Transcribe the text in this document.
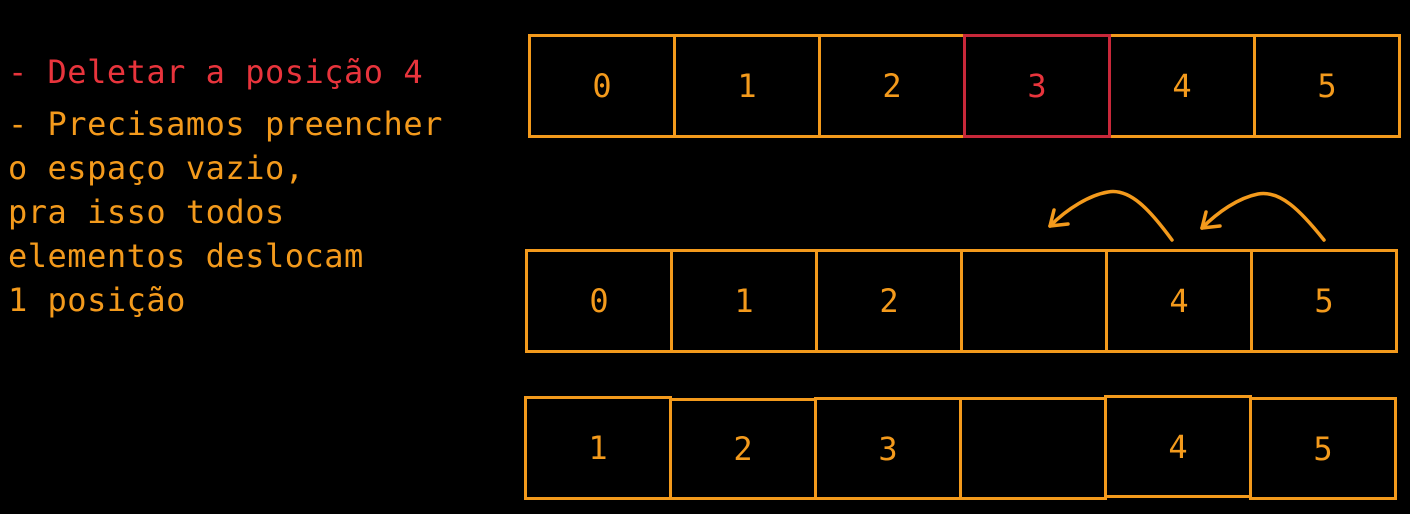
- Deletar a posição 4
- Precisamos preencher
o espaço vazio,
pra isso todos
elementos deslocam
1 posição
0	1	2	3	4	5
0	1	2	4	5
1	2	3	4	5
